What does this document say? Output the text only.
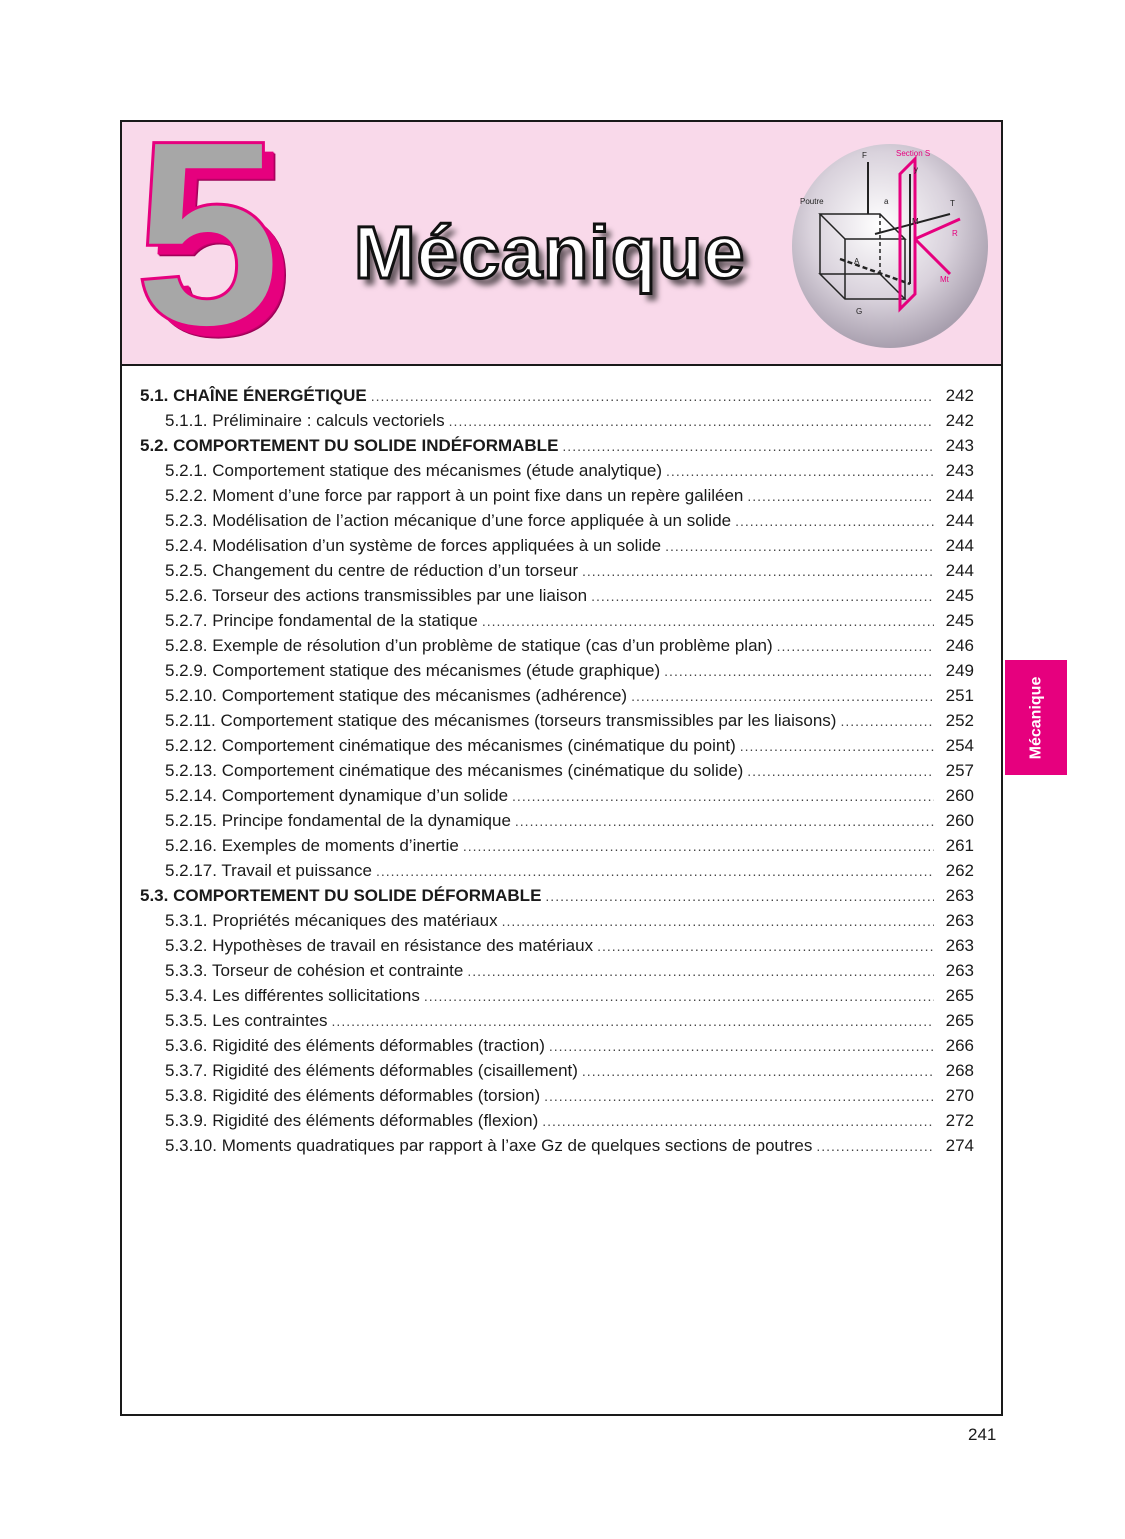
5 Mécanique
F	Section S
y
Poutre	a	T
M
R
A
G
Mt
5.1. CHAÎNE ÉNERGÉTIQUE .....	242
5.1.1. Préliminaire : calculs vectoriels .....	242
5.2. COMPORTEMENT DU SOLIDE INDÉFORMABLE .....	243
5.2.1. Comportement statique des mécanismes (étude analytique) .....	243
5.2.2. Moment d’une force par rapport à un point fixe dans un repère galiléen .....	244
5.2.3. Modélisation de l’action mécanique d’une force appliquée à un solide .....	244
5.2.4. Modélisation d’un système de forces appliquées à un solide .....	244
5.2.5. Changement du centre de réduction d’un torseur .....	244
5.2.6. Torseur des actions transmissibles par une liaison .....	245
5.2.7. Principe fondamental de la statique .....	245
5.2.8. Exemple de résolution d’un problème de statique (cas d’un problème plan) .....	246
5.2.9. Comportement statique des mécanismes (étude graphique) .....	249
5.2.10. Comportement statique des mécanismes (adhérence) .....	251
5.2.11. Comportement statique des mécanismes (torseurs transmissibles par les liaisons) .....	252
5.2.12. Comportement cinématique des mécanismes (cinématique du point) .....	254
5.2.13. Comportement cinématique des mécanismes (cinématique du solide) .....	257
5.2.14. Comportement dynamique d’un solide .....	260
5.2.15. Principe fondamental de la dynamique .....	260
5.2.16. Exemples de moments d’inertie .....	261
5.2.17. Travail et puissance .....	262
5.3. COMPORTEMENT DU SOLIDE DÉFORMABLE .....	263
5.3.1. Propriétés mécaniques des matériaux .....	263
5.3.2. Hypothèses de travail en résistance des matériaux .....	263
5.3.3. Torseur de cohésion et contrainte .....	263
5.3.4. Les différentes sollicitations .....	265
5.3.5. Les contraintes .....	265
5.3.6. Rigidité des éléments déformables (traction) .....	266
5.3.7. Rigidité des éléments déformables (cisaillement) .....	268
5.3.8. Rigidité des éléments déformables (torsion) .....	270
5.3.9. Rigidité des éléments déformables (flexion) .....	272
5.3.10. Moments quadratiques par rapport à l’axe Gz de quelques sections de poutres .....	274
Mécanique
241
